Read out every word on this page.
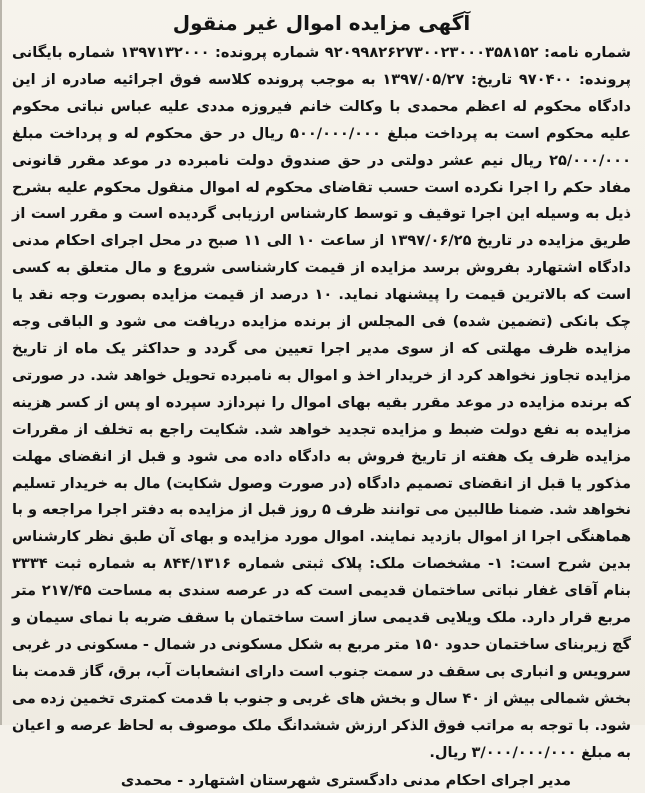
آگهی مزایده اموال غیر منقول

شماره نامه: ۹۲۰۹۹۸۲۶۲۷۳۰۰۲۳۰۰۰۳۵۸۱۵۲ شماره پرونده: ۱۳۹۷۱۳۲۰۰۰ شماره بایگانی پرونده: ۹۷۰۴۰۰ تاریخ: ۱۳۹۷/۰۵/۲۷ به موجب پرونده کلاسه فوق اجرائیه صادره از این دادگاه محکوم له اعظم محمدی با وکالت خانم فیروزه مددی علیه عباس نباتی محکوم علیه محکوم است به پرداخت مبلغ ۵۰۰/۰۰۰/۰۰۰ ریال در حق محکوم له و پرداخت مبلغ ۲۵/۰۰۰/۰۰۰ ریال نیم عشر دولتی در حق صندوق دولت نامبرده در موعد مقرر قانونی مفاد حکم را اجرا نکرده است حسب تقاضای محکوم له اموال منقول محکوم علیه بشرح ذیل به وسیله این اجرا توقیف و توسط کارشناس ارزیابی گردیده است و مقرر است از طریق مزایده در تاریخ ۱۳۹۷/۰۶/۲۵ از ساعت ۱۰ الی ۱۱ صبح در محل اجرای احکام مدنی دادگاه اشتهارد بفروش برسد مزایده از قیمت کارشناسی شروع و مال متعلق به کسی است که بالاترین قیمت را پیشنهاد نماید. ۱۰ درصد از قیمت مزایده بصورت وجه نقد یا چک بانکی (تضمین شده) فی المجلس از برنده مزایده دریافت می شود و الباقی وجه مزایده ظرف مهلتی که از سوی مدیر اجرا تعیین می گردد و حداکثر یک ماه از تاریخ مزایده تجاوز نخواهد کرد از خریدار اخذ و اموال به نامبرده تحویل خواهد شد. در صورتی که برنده مزایده در موعد مقرر بقیه بهای اموال را نپردازد سپرده او پس از کسر هزینه مزایده به نفع دولت ضبط و مزایده تجدید خواهد شد. شکایت راجع به تخلف از مقررات مزایده ظرف یک هفته از تاریخ فروش به دادگاه داده می شود و قبل از انقضای مهلت مذکور یا قبل از انقضای تصمیم دادگاه (در صورت وصول شکایت) مال به خریدار تسلیم نخواهد شد. ضمنا طالبین می توانند ظرف ۵ روز قبل از مزایده به دفتر اجرا مراجعه و با هماهنگی اجرا از اموال بازدید نمایند. اموال مورد مزایده و بهای آن طبق نظر کارشناس بدین شرح است: ۱- مشخصات ملک: پلاک ثبتی شماره ۸۴۴/۱۳۱۶ به شماره ثبت ۳۳۳۴ بنام آقای غفار نباتی ساختمان قدیمی است که در عرصه سندی به مساحت ۲۱۷/۴۵ متر مربع قرار دارد. ملک ویلایی قدیمی ساز است ساختمان با سقف ضربه با نمای سیمان و گچ زیربنای ساختمان حدود ۱۵۰ متر مربع به شکل مسکونی در شمال - مسکونی در غربی سرویس و انباری بی سقف در سمت جنوب است دارای انشعابات آب، برق، گاز قدمت بنا بخش شمالی بیش از ۴۰ سال و بخش های غربی و جنوب با قدمت کمتری تخمین زده می شود. با توجه به مراتب فوق الذکر ارزش ششدانگ ملک موصوف به لحاظ عرصه و اعیان به مبلغ ۳/۰۰۰/۰۰۰/۰۰۰ ریال.

مدیر اجرای احکام مدنی دادگستری شهرستان اشتهارد - محمدی
